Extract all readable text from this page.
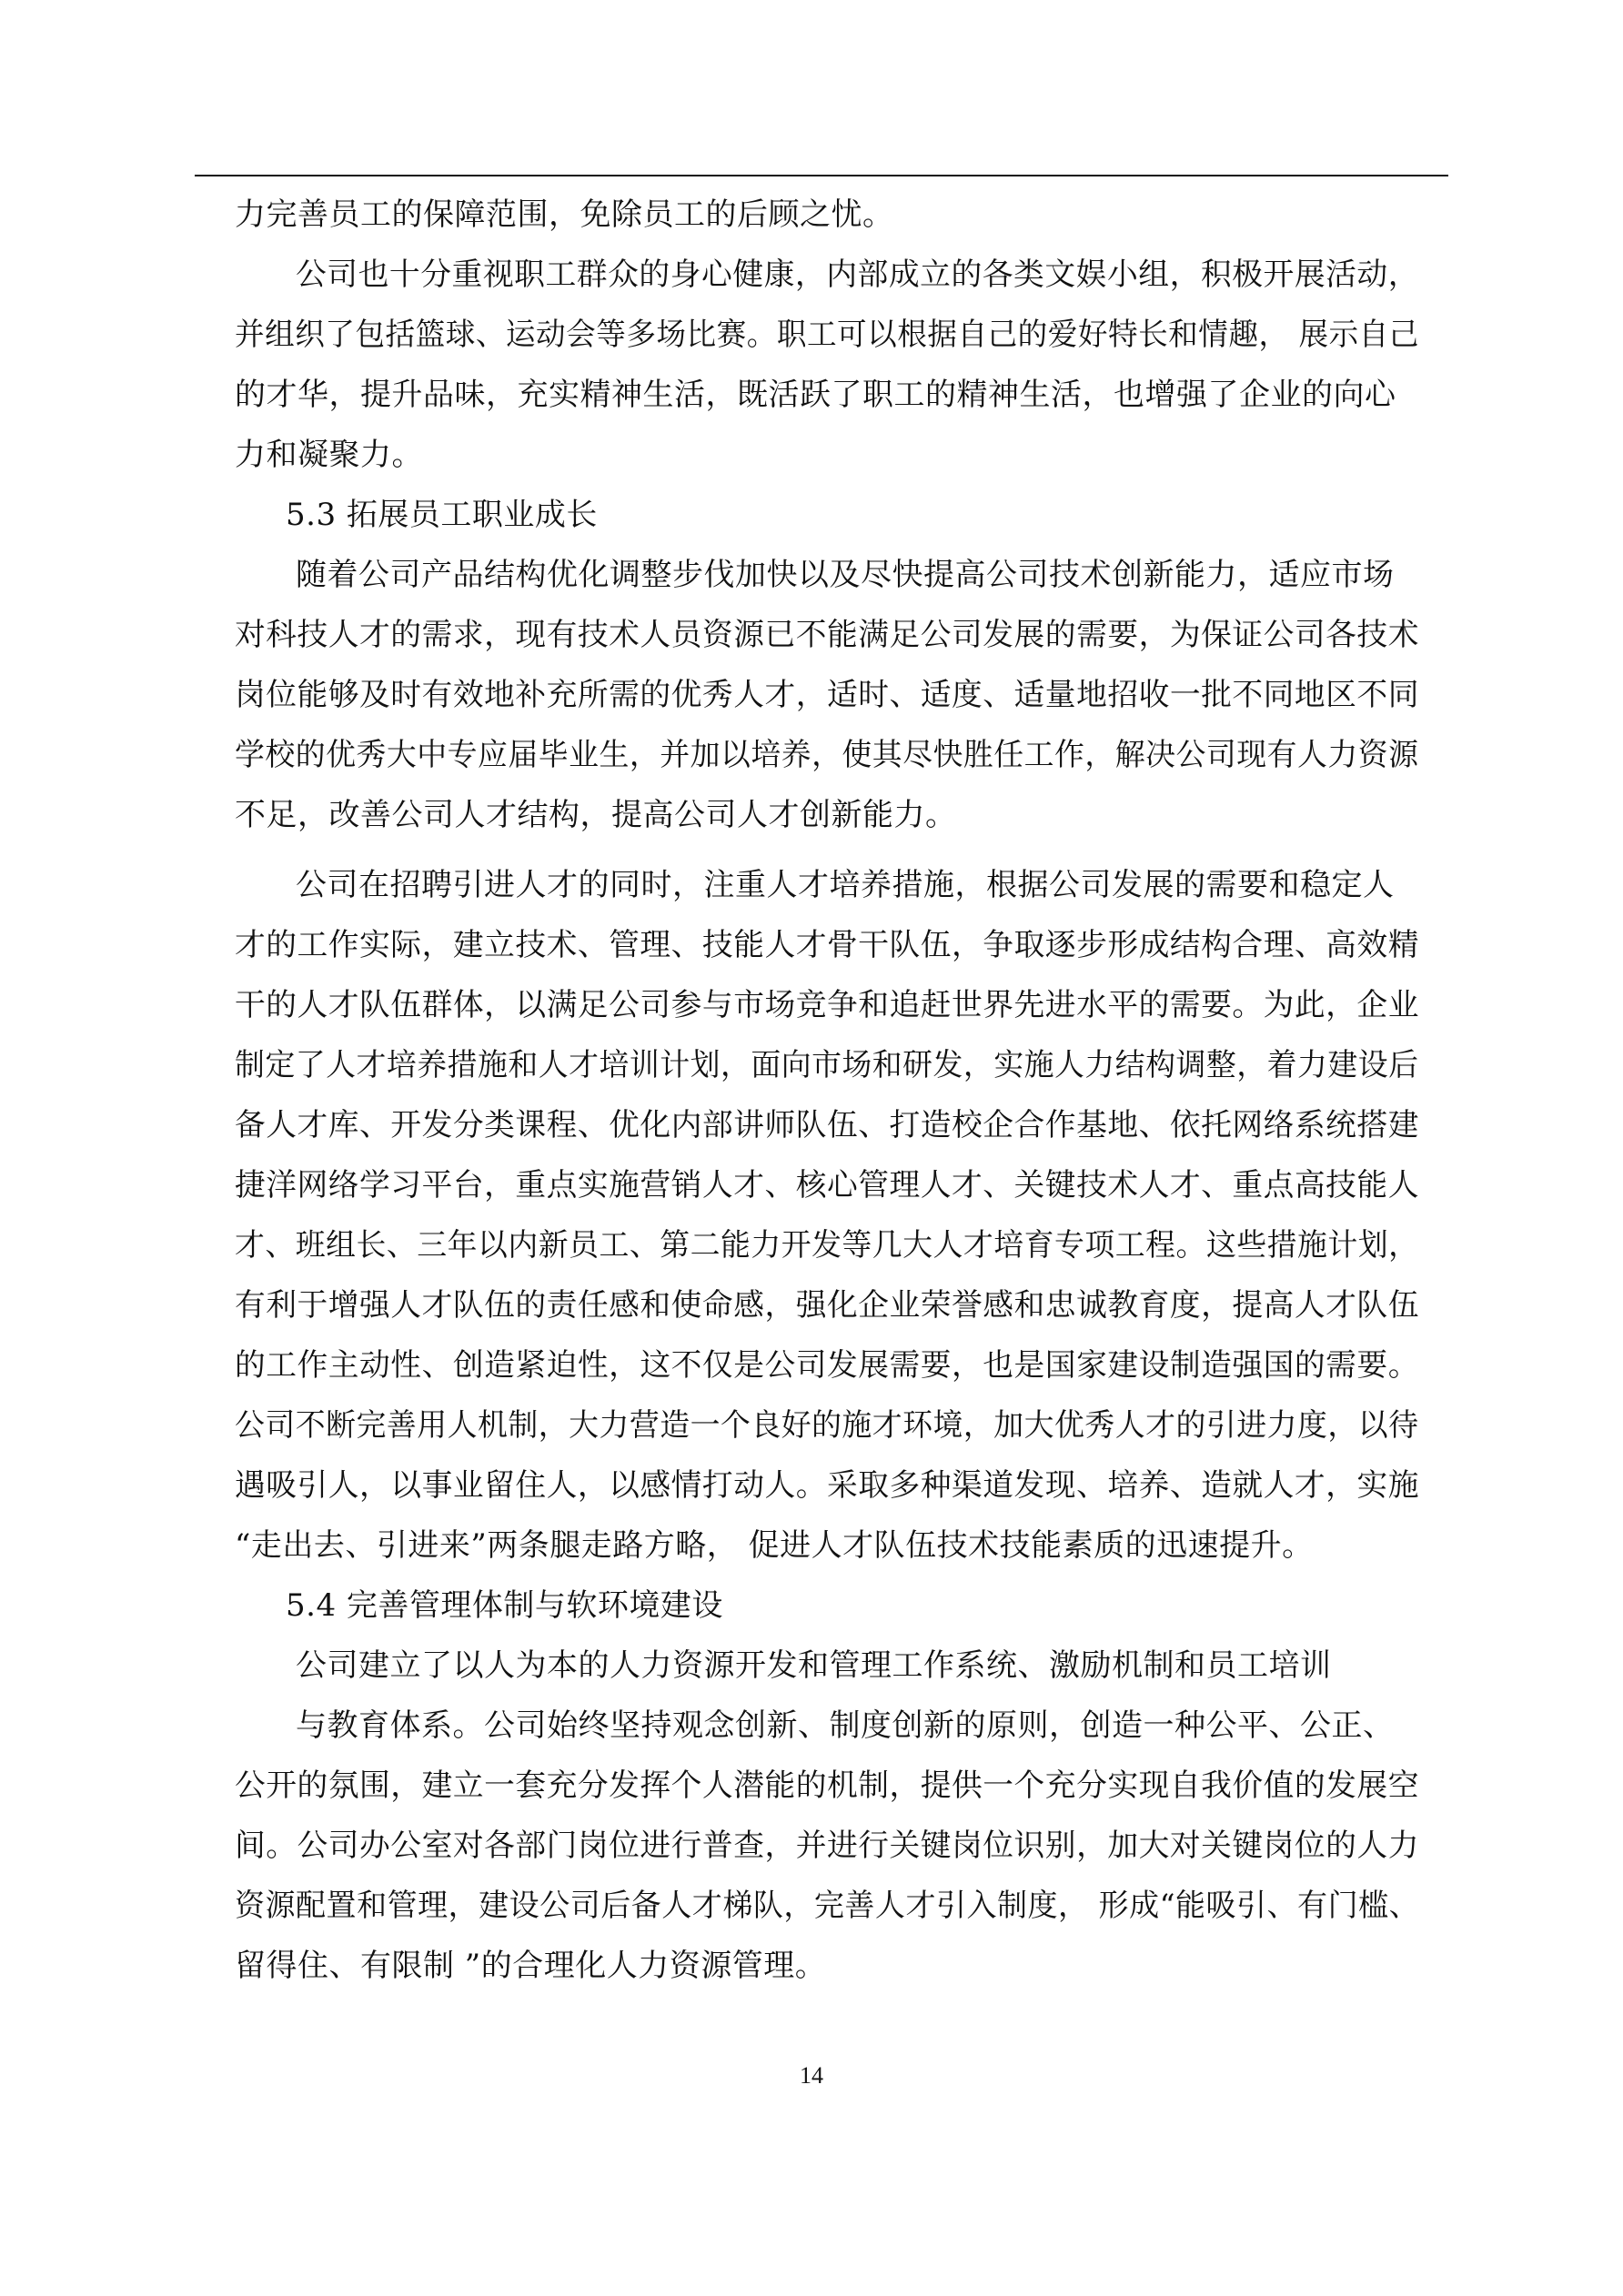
力完善员工的保障范围，免除员工的后顾之忧。
公司也十分重视职工群众的身心健康，内部成立的各类文娱小组，积极开展活动，
并组织了包括篮球、运动会等多场比赛。职工可以根据自己的爱好特长和情趣， 展示自己
的才华，提升品味，充实精神生活，既活跃了职工的精神生活，也增强了企业的向心
力和凝聚力。
5.3 拓展员工职业成长
随着公司产品结构优化调整步伐加快以及尽快提高公司技术创新能力，适应市场
对科技人才的需求，现有技术人员资源已不能满足公司发展的需要，为保证公司各技术
岗位能够及时有效地补充所需的优秀人才，适时、适度、适量地招收一批不同地区不同
学校的优秀大中专应届毕业生，并加以培养，使其尽快胜任工作，解决公司现有人力资源
不足，改善公司人才结构，提高公司人才创新能力。
公司在招聘引进人才的同时，注重人才培养措施，根据公司发展的需要和稳定人
才的工作实际，建立技术、管理、技能人才骨干队伍，争取逐步形成结构合理、高效精
干的人才队伍群体，以满足公司参与市场竞争和追赶世界先进水平的需要。为此，企业
制定了人才培养措施和人才培训计划，面向市场和研发，实施人力结构调整，着力建设后
备人才库、开发分类课程、优化内部讲师队伍、打造校企合作基地、依托网络系统搭建
捷洋网络学习平台，重点实施营销人才、核心管理人才、关键技术人才、重点高技能人
才、班组长、三年以内新员工、第二能力开发等几大人才培育专项工程。这些措施计划，
有利于增强人才队伍的责任感和使命感，强化企业荣誉感和忠诚教育度，提高人才队伍
的工作主动性、创造紧迫性，这不仅是公司发展需要，也是国家建设制造强国的需要。
公司不断完善用人机制，大力营造一个良好的施才环境，加大优秀人才的引进力度，以待
遇吸引人，以事业留住人，以感情打动人。采取多种渠道发现、培养、造就人才，实施
“走出去、引进来”两条腿走路方略， 促进人才队伍技术技能素质的迅速提升。
5.4 完善管理体制与软环境建设
公司建立了以人为本的人力资源开发和管理工作系统、激励机制和员工培训
与教育体系。公司始终坚持观念创新、制度创新的原则，创造一种公平、公正、
公开的氛围，建立一套充分发挥个人潜能的机制，提供一个充分实现自我价值的发展空
间。公司办公室对各部门岗位进行普查，并进行关键岗位识别，加大对关键岗位的人力
资源配置和管理，建设公司后备人才梯队，完善人才引入制度， 形成“能吸引、有门槛、
留得住、有限制 ”的合理化人力资源管理。
14
